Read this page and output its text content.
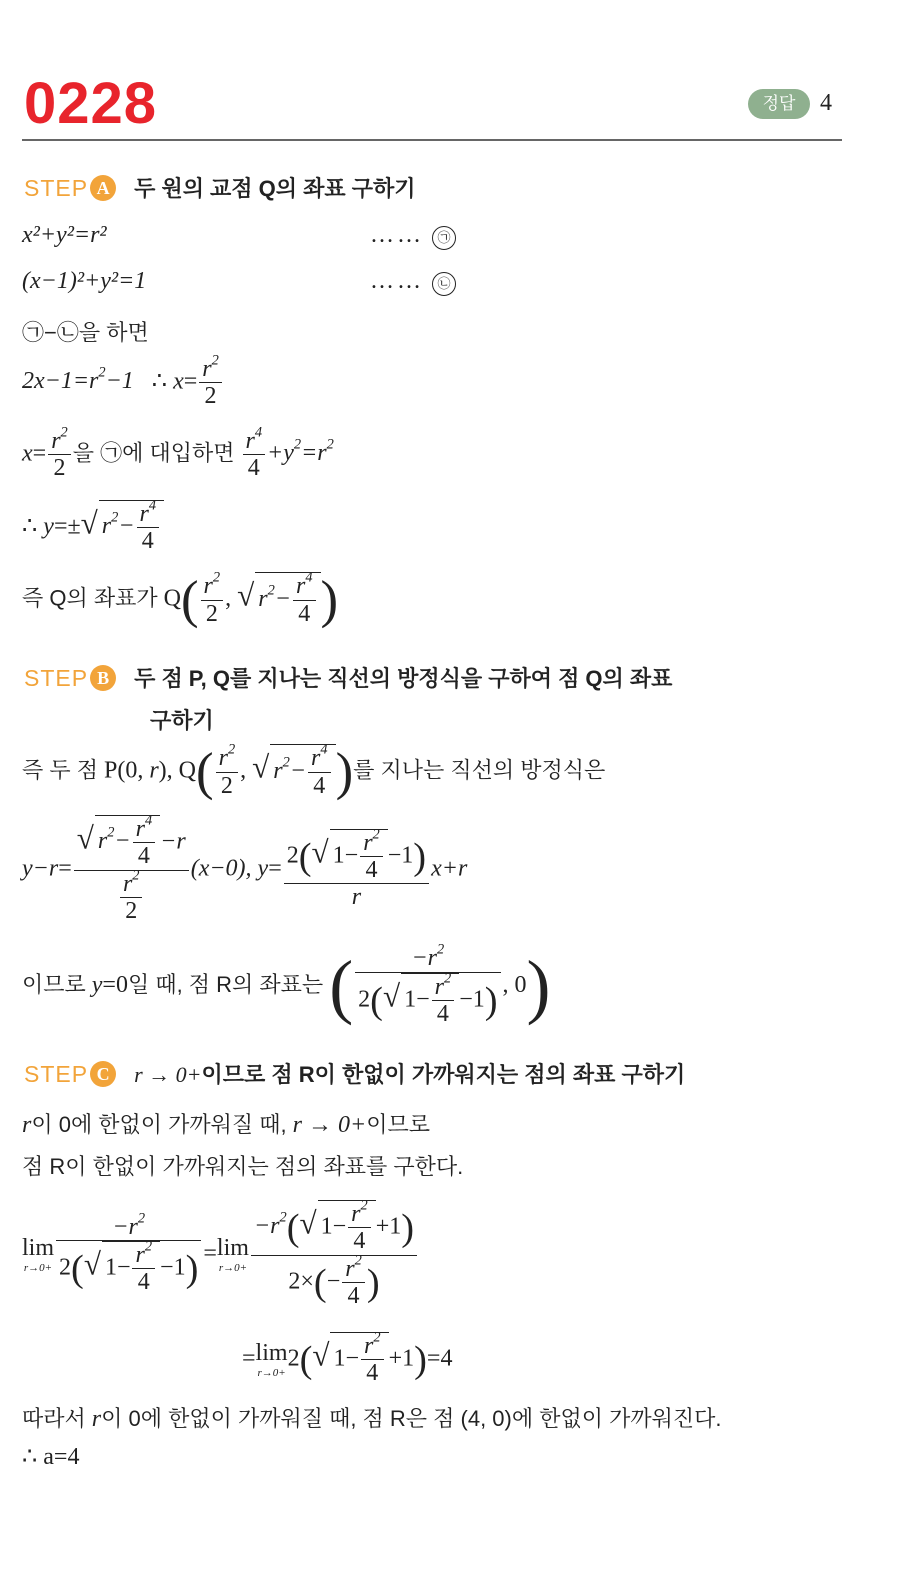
0228	정답	4
STEP A 두 원의 교점 Q의 좌표 구하기
x²+y²=r²	……	㉠
(x−1)²+y²=1	……	㉡
㉠−㉡을 하면
$2x-1=r^2-1$   ∴ $x= \frac{r^2}{2}$
$x= \frac{r^2}{2}$ 을 ㉠에 대입하면 $\frac{r^4}{4} +y^2=r^2$
∴ y=±√ $r^2- \frac{r^4}{4}$
즉 Q의 좌표가 $Q( \frac{r^2}{2}$ , √ $r^2- \frac{r^4}{4}$ )
STEP B 두 점 P, Q를 지나는 직선의 방정식을 구하여 점 Q의 좌표
구하기
즉 두 점 P(0, r), $Q( \frac{r^2}{2}$ , √ $r^2- \frac{r^4}{4}$ )를 지나는 직선의 방정식은
$y-r= \frac{√ r^2- \frac{r^4}{4} -r}{\frac{r^2}{2}} (x-0)$, $y= \frac{2(√ 1- \frac{r^2}{4} -1)}{r} x+r$
이므로 y=0일 때, 점 R의 좌표는 ( $\frac{-r^2}{2(√ 1- \frac{r^2}{4} -1)}$ , 0)
STEP C r → 0+이므로 점 R이 한없이 가까워지는 점의 좌표 구하기
r이 0에 한없이 가까워질 때, r → 0+이므로
점 R이 한없이 가까워지는 점의 좌표를 구한다.
lim
$r\to 0+ \frac{-r^2}{2(√ 1- \frac{r^2}{4} -1)} =\lim$
$r\to 0+ \frac{-r^2(√ 1- \frac{r^2}{4} +1)}{2\times(- \frac{r^2}{4} )}$
=lim
r→0+
2(√ $1- \frac{r^2}{4} +1)=4$
따라서 r이 0에 한없이 가까워질 때, 점 R은 점 (4, 0)에 한없이 가까워진다.
∴ a=4
